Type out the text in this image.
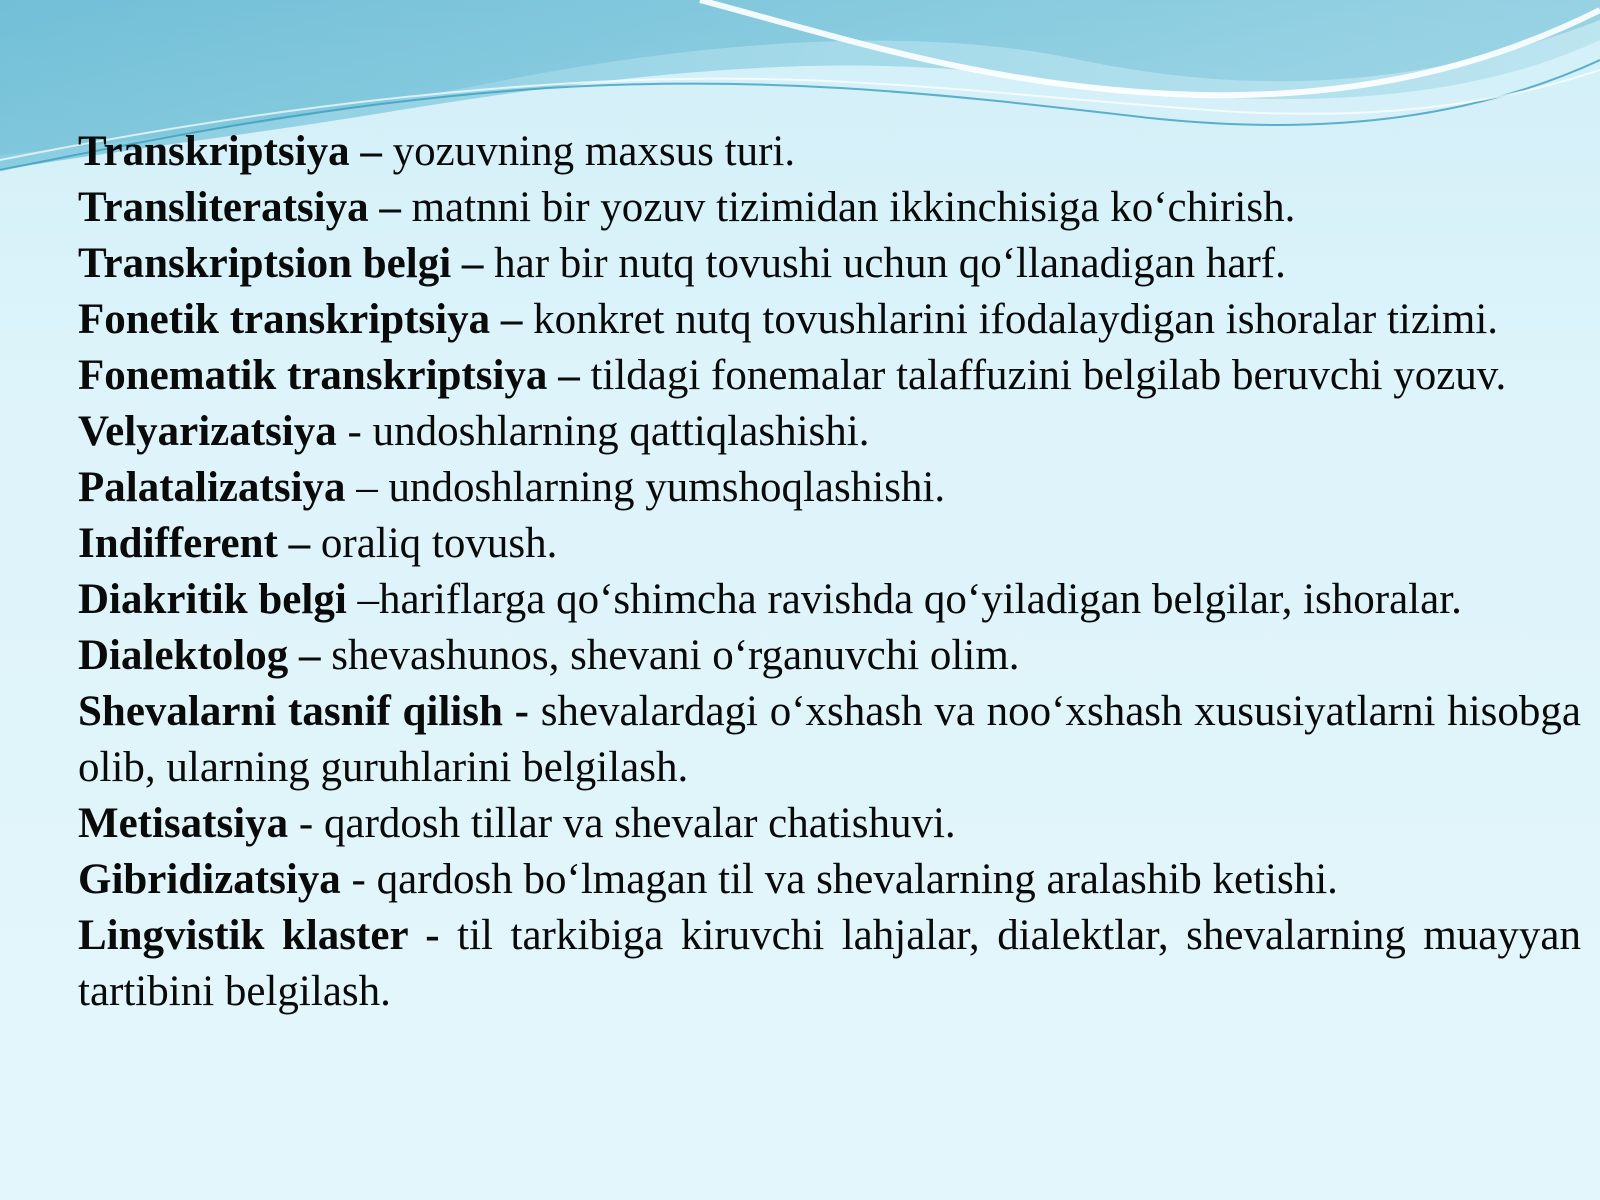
Transkriptsiya – yozuvning maxsus turi.

Transliteratsiya – matnni bir yozuv tizimidan ikkinchisiga koʻchirish.

Transkriptsion belgi – har bir nutq tovushi uchun qoʻllanadigan harf.

Fonetik transkriptsiya – konkret nutq tovushlarini ifodalaydigan ishoralar tizimi.

Fonematik transkriptsiya – tildagi fonemalar talaffuzini belgilab beruvchi yozuv.

Velyarizatsiya - undoshlarning qattiqlashishi.

Palatalizatsiya – undoshlarning yumshoqlashishi.

Indifferent – oraliq tovush.

Diakritik belgi –hariflarga qoʻshimcha ravishda qoʻyiladigan belgilar, ishoralar.

Dialektolog – shevashunos, shevani oʻrganuvchi olim.

Shevalarni tasnif qilish - shevalardagi oʻxshash va nooʻxshash xususiyatlarni hisobga olib, ularning guruhlarini belgilash.

Metisatsiya - qardosh tillar va shevalar chatishuvi.

Gibridizatsiya - qardosh boʻlmagan til va shevalarning aralashib ketishi.

Lingvistik klaster - til tarkibiga kiruvchi lahjalar, dialektlar, shevalarning muayyan tartibini belgilash.
